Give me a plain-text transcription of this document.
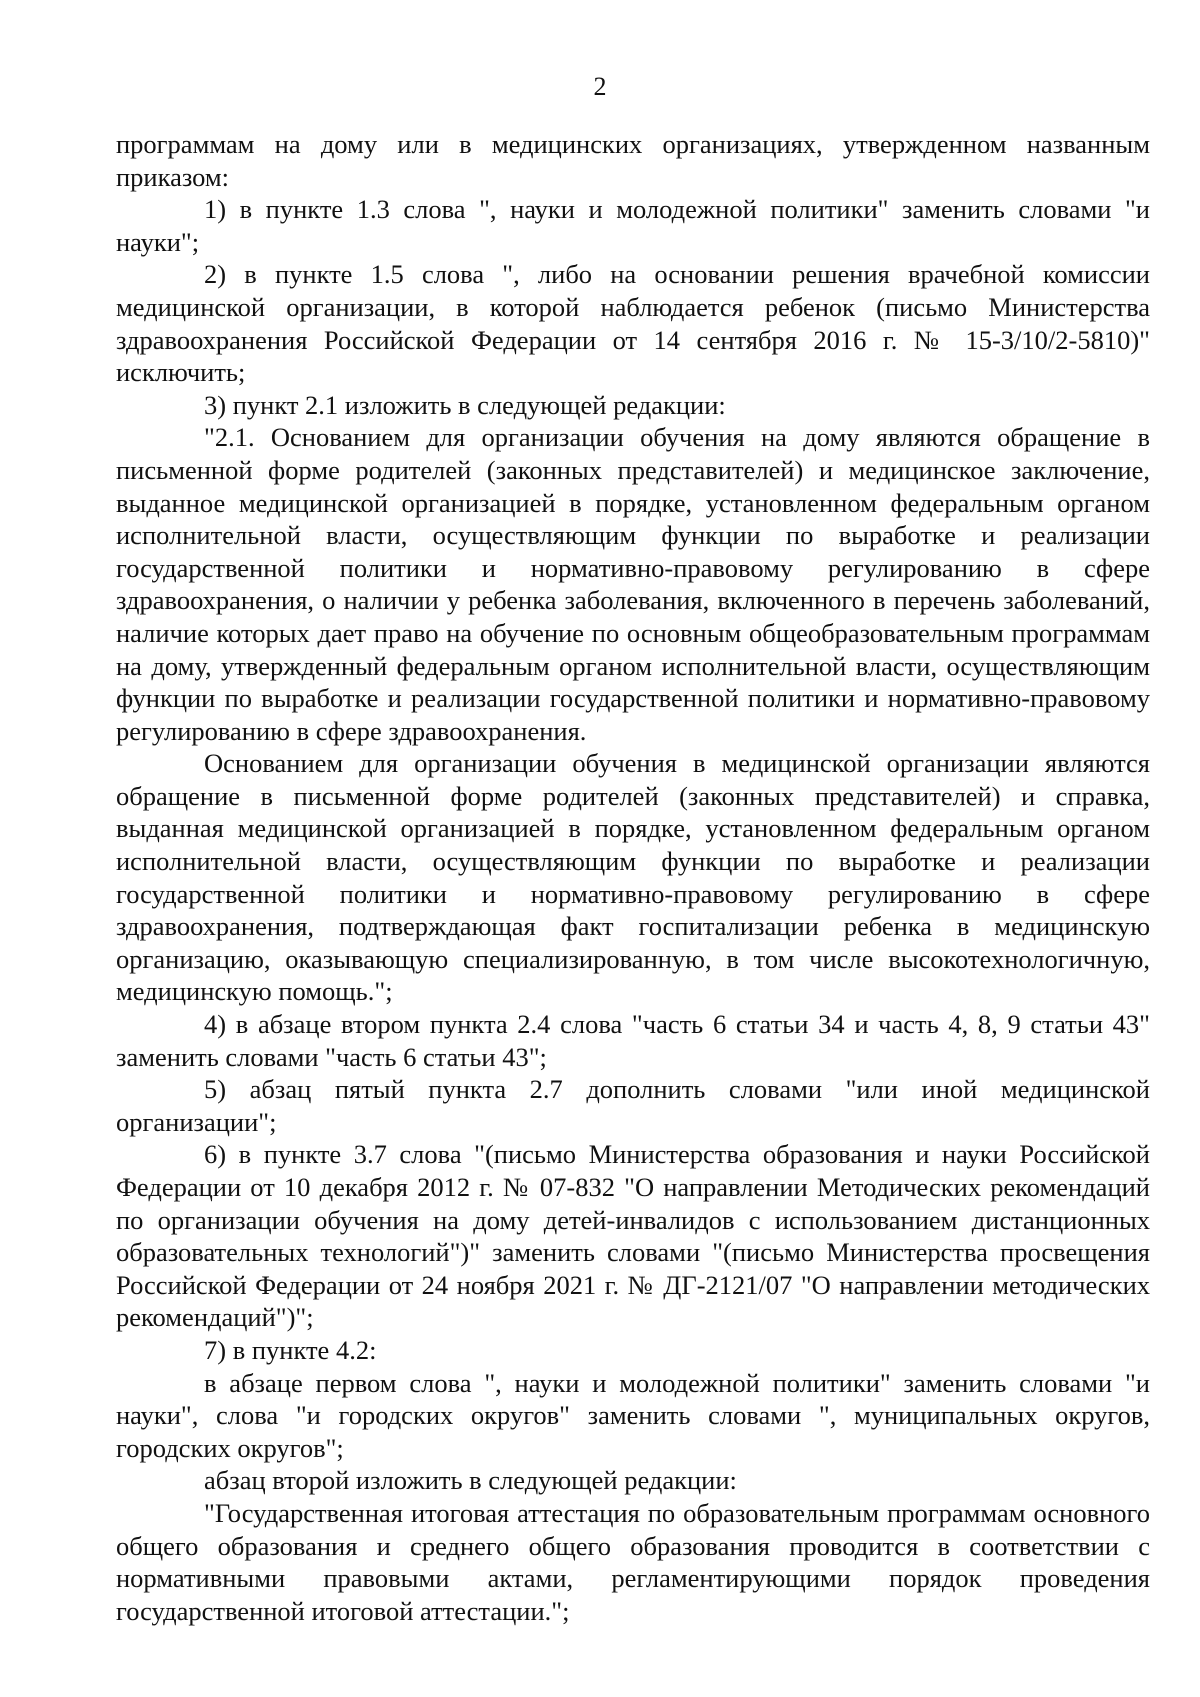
2

программам на дому или в медицинских организациях, утвержденном названным приказом:

1) в пункте 1.3 слова ", науки и молодежной политики" заменить словами "и науки";

2) в пункте 1.5 слова ", либо на основании решения врачебной комиссии медицинской организации, в которой наблюдается ребенок (письмо Министерства здравоохранения Российской Федерации от 14 сентября 2016 г. № 15-3/10/2-5810)" исключить;

3) пункт 2.1 изложить в следующей редакции:

"2.1. Основанием для организации обучения на дому являются обращение в письменной форме родителей (законных представителей) и медицинское заключение, выданное медицинской организацией в порядке, установленном федеральным органом исполнительной власти, осуществляющим функции по выработке и реализации государственной политики и нормативно-правовому регулированию в сфере здравоохранения, о наличии у ребенка заболевания, включенного в перечень заболеваний, наличие которых дает право на обучение по основным общеобразовательным программам на дому, утвержденный федеральным органом исполнительной власти, осуществляющим функции по выработке и реализации государственной политики и нормативно-правовому регулированию в сфере здравоохранения.

Основанием для организации обучения в медицинской организации являются обращение в письменной форме родителей (законных представителей) и справка, выданная медицинской организацией в порядке, установленном федеральным органом исполнительной власти, осуществляющим функции по выработке и реализации государственной политики и нормативно-правовому регулированию в сфере здравоохранения, подтверждающая факт госпитализации ребенка в медицинскую организацию, оказывающую специализированную, в том числе высокотехнологичную, медицинскую помощь.";

4) в абзаце втором пункта 2.4 слова "часть 6 статьи 34 и часть 4, 8, 9 статьи 43" заменить словами "часть 6 статьи 43";

5) абзац пятый пункта 2.7 дополнить словами "или иной медицинской организации";

6) в пункте 3.7 слова "(письмо Министерства образования и науки Российской Федерации от 10 декабря 2012 г. № 07-832 "О направлении Методических рекомендаций по организации обучения на дому детей-инвалидов с использованием дистанционных образовательных технологий")" заменить словами "(письмо Министерства просвещения Российской Федерации от 24 ноября 2021 г. № ДГ-2121/07 "О направлении методических рекомендаций")";

7) в пункте 4.2:

в абзаце первом слова ", науки и молодежной политики" заменить словами "и науки", слова "и городских округов" заменить словами ", муниципальных округов, городских округов";

абзац второй изложить в следующей редакции:

"Государственная итоговая аттестация по образовательным программам основного общего образования и среднего общего образования проводится в соответствии с нормативными правовыми актами, регламентирующими порядок проведения государственной итоговой аттестации.";
